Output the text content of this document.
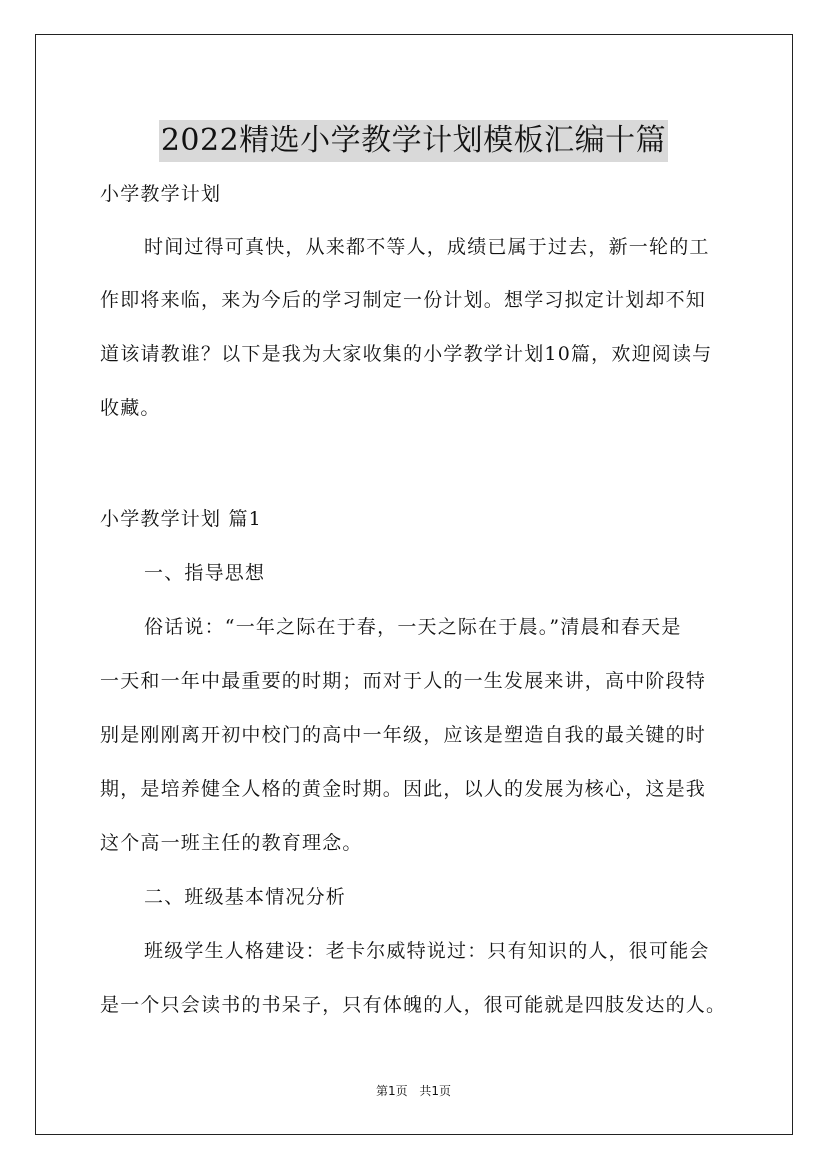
2022精选小学教学计划模板汇编十篇
小学教学计划
时间过得可真快，从来都不等人，成绩已属于过去，新一轮的工
作即将来临，来为今后的学习制定一份计划。想学习拟定计划却不知
道该请教谁？以下是我为大家收集的小学教学计划10篇，欢迎阅读与
收藏。
小学教学计划 篇1
一、指导思想
俗话说：“一年之际在于春，一天之际在于晨。”清晨和春天是
一天和一年中最重要的时期；而对于人的一生发展来讲，高中阶段特
别是刚刚离开初中校门的高中一年级，应该是塑造自我的最关键的时
期，是培养健全人格的黄金时期。因此，以人的发展为核心，这是我
这个高一班主任的教育理念。
二、班级基本情况分析
班级学生人格建设：老卡尔威特说过：只有知识的人，很可能会
是一个只会读书的书呆子，只有体魄的人，很可能就是四肢发达的人。
第1页 共1页
